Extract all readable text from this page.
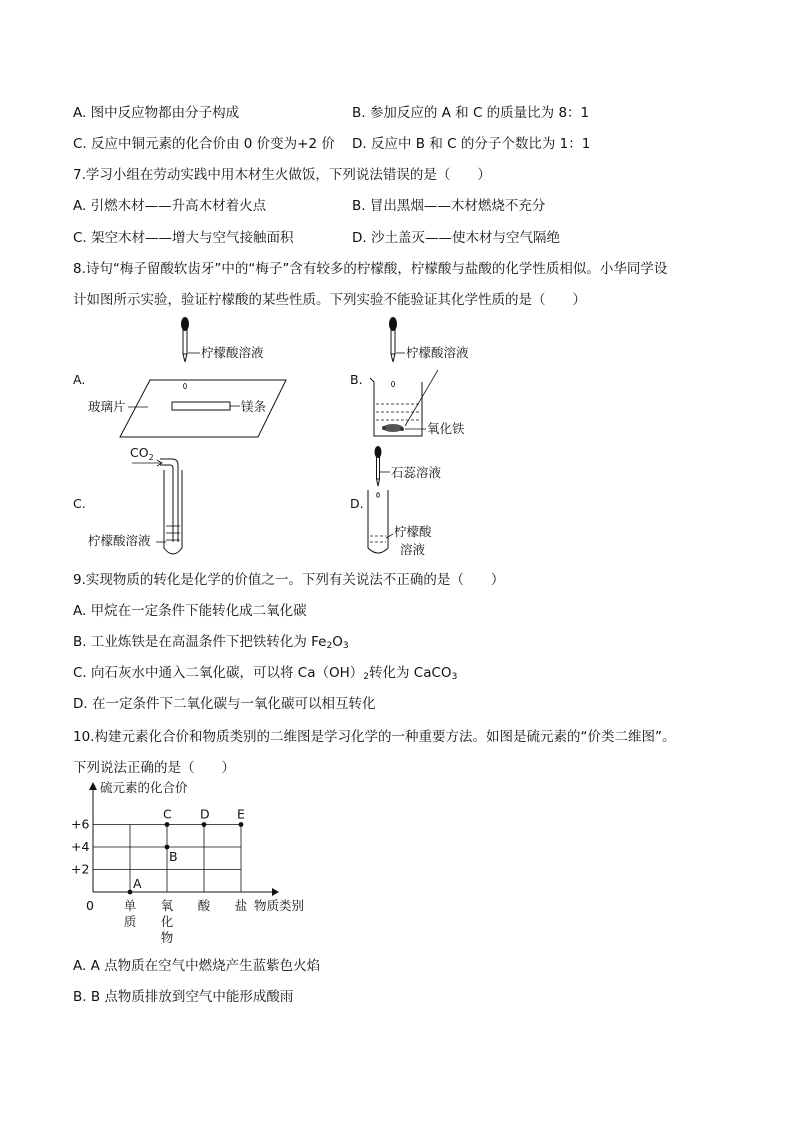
A. 图中反应物都由分子构成	B. 参加反应的 A 和 C 的质量比为 8：1
C. 反应中铜元素的化合价由 0 价变为+2 价 D. 反应中 B 和 C 的分子个数比为 1：1
7.学习小组在劳动实践中用木材生火做饭，下列说法错误的是（　　）
A. 引燃木材——升高木材着火点	B. 冒出黑烟——木材燃烧不充分
C. 架空木材——增大与空气接触面积	D. 沙土盖灭——使木材与空气隔绝
8.诗句“梅子留酸软齿牙”中的“梅子”含有较多的柠檬酸，柠檬酸与盐酸的化学性质相似。小华同学设
计如图所示实验，验证柠檬酸的某些性质。下列实验不能验证其化学性质的是（　　）
A.
柠檬酸溶液
玻璃片	镁条
B.
柠檬酸溶液
氧化铁
$CO_2$
C.
柠檬酸溶液
D.
石蕊溶液
柠檬酸
溶液
9.实现物质的转化是化学的价值之一。下列有关说法不正确的是（　　）
A. 甲烷在一定条件下能转化成二氧化碳
B. 工业炼铁是在高温条件下把铁转化为 $Fe_2O_3$
C. 向石灰水中通入二氧化碳，可以将 $Ca(OH)_2$转化为 CaCO$_3$
D. 在一定条件下二氧化碳与一氧化碳可以相互转化
10.构建元素化合价和物质类别的二维图是学习化学的一种重要方法。如图是硫元素的“价类二维图”。
下列说法正确的是（　　）
硫元素的化合价
物质类别
+6
+4
+2
0 单质
氧化物
酸 盐
A
B
C D E
A. A 点物质在空气中燃烧产生蓝紫色火焰
B. B 点物质排放到空气中能形成酸雨
